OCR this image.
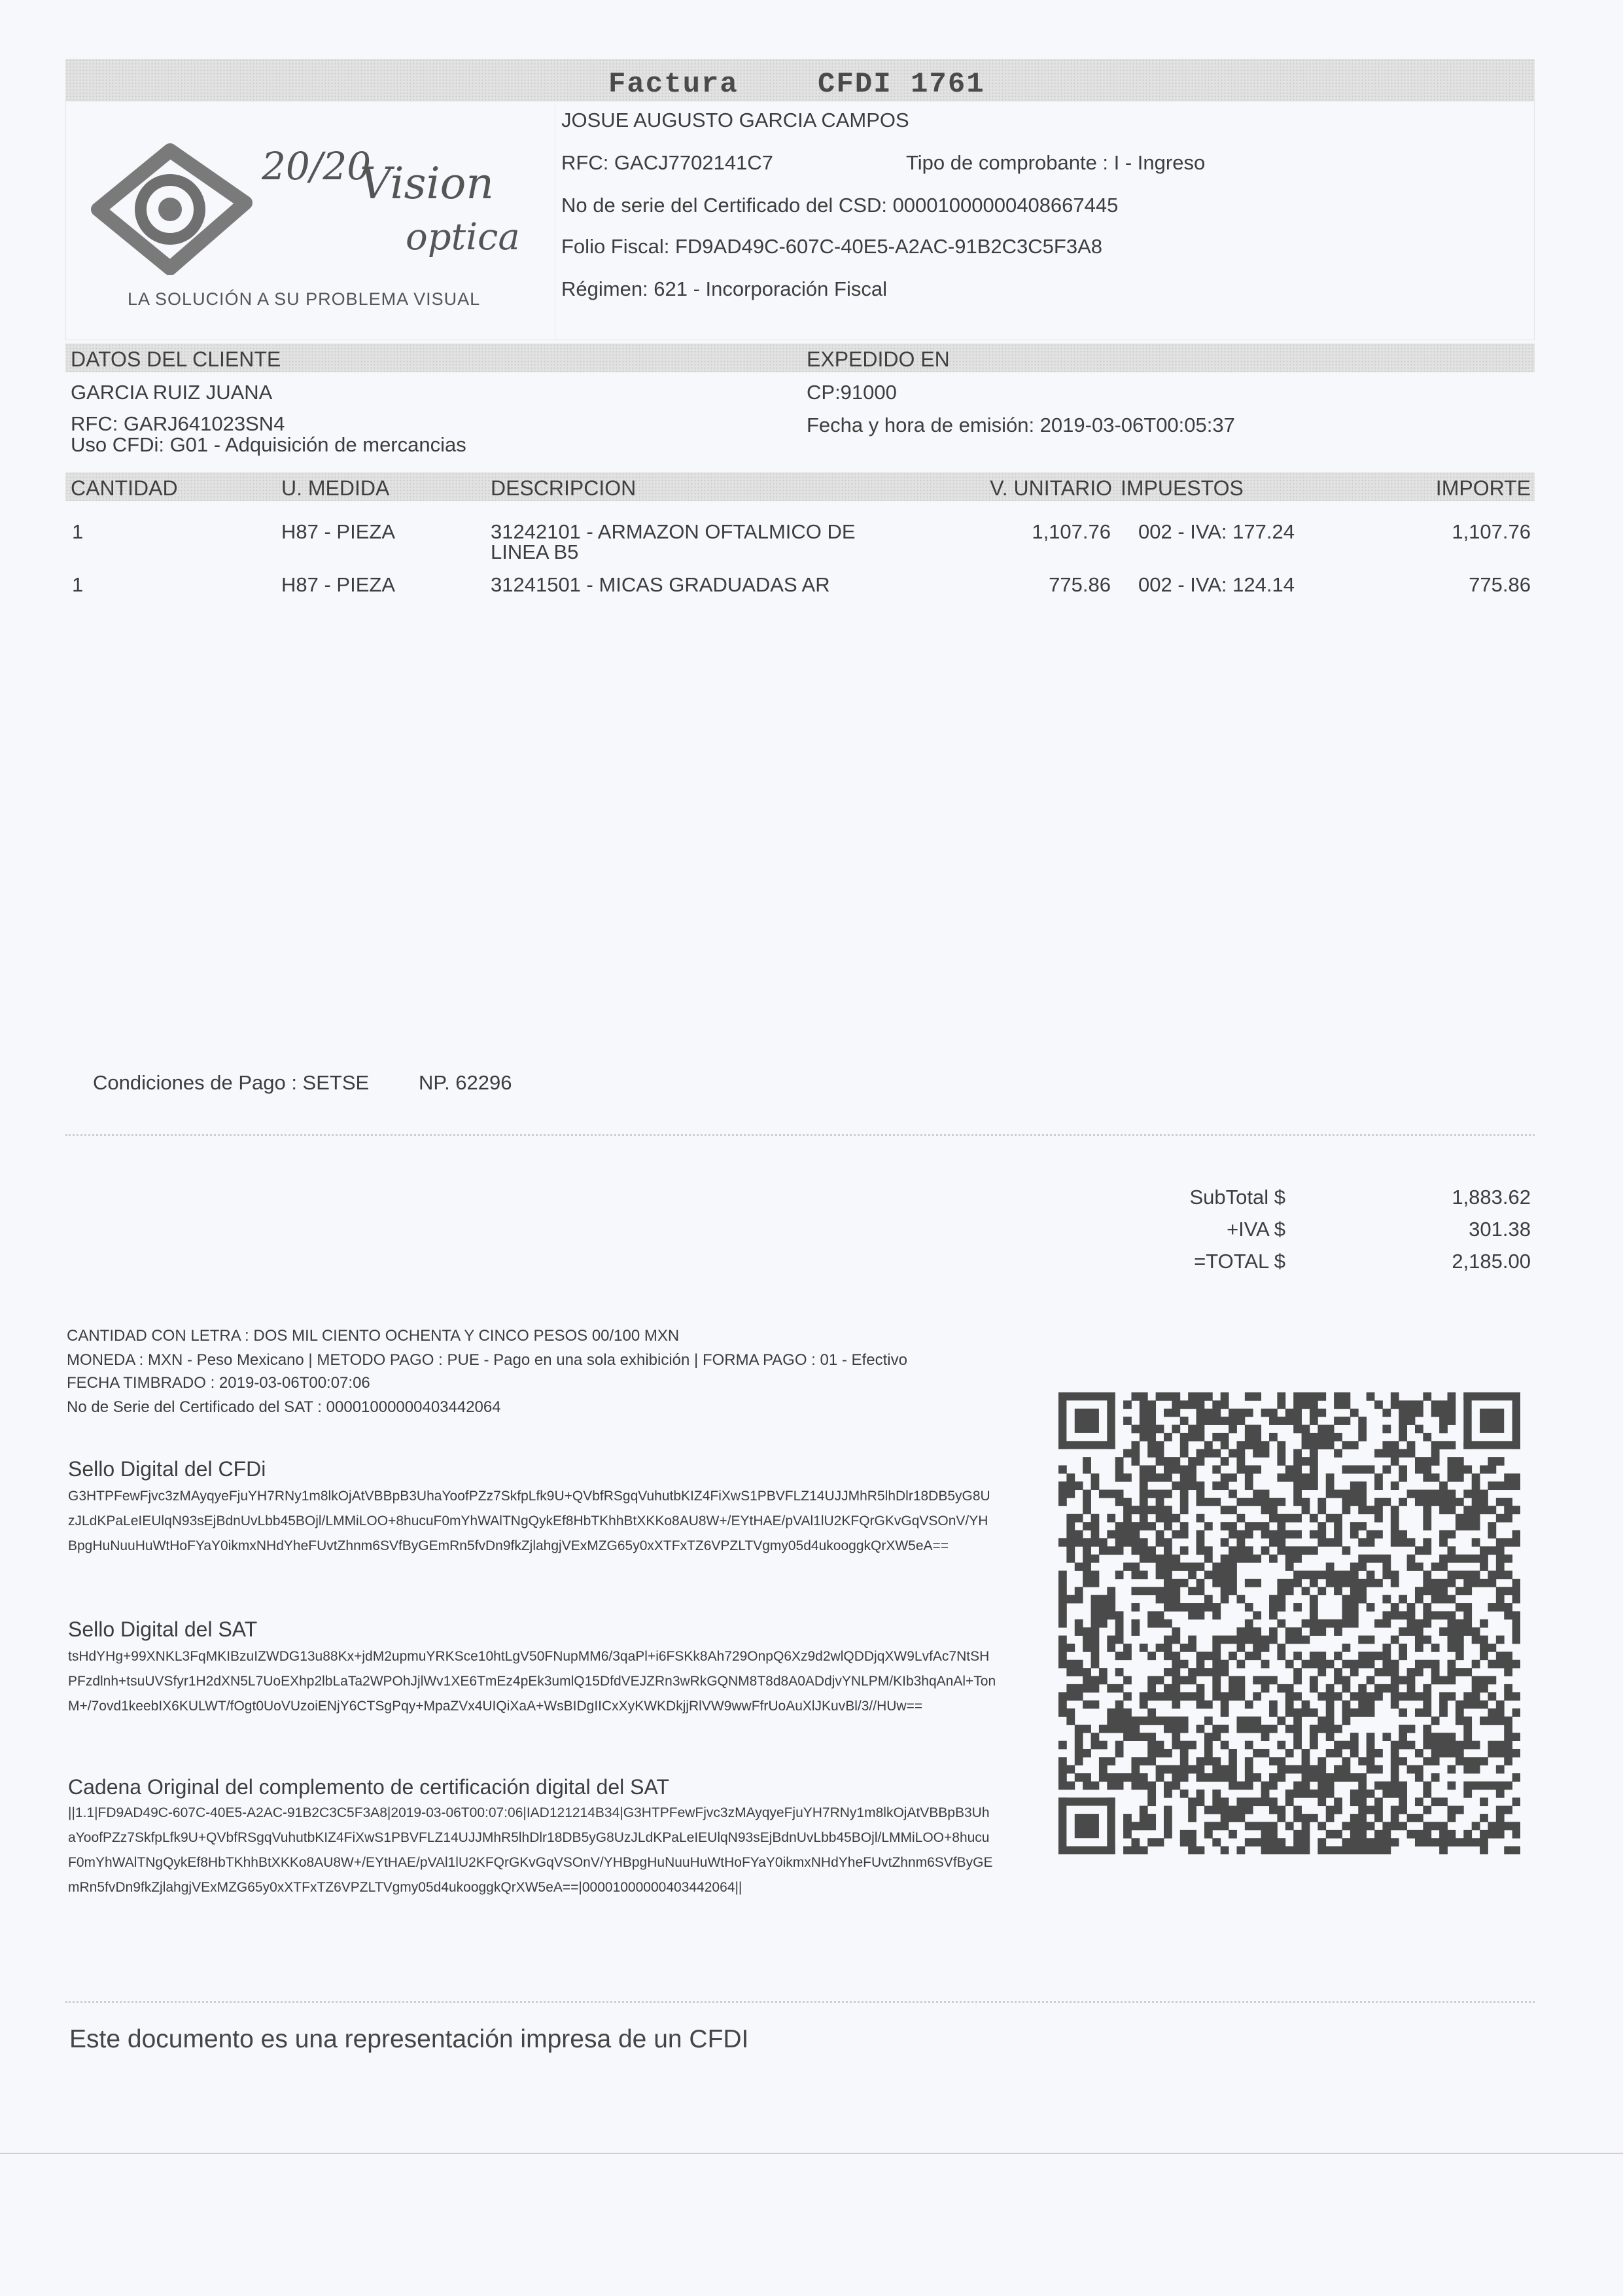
Factura	CFDI 1761
20/20
Vision
optica
LA SOLUCIÓN A SU PROBLEMA VISUAL
JOSUE AUGUSTO GARCIA CAMPOS
RFC: GACJ7702141C7	Tipo de comprobante : I - Ingreso
No de serie del Certificado del CSD: 00001000000408667445
Folio Fiscal: FD9AD49C-607C-40E5-A2AC-91B2C3C5F3A8
Régimen: 621 - Incorporación Fiscal
DATOS DEL CLIENTE	EXPEDIDO EN
GARCIA RUIZ JUANA
RFC: GARJ641023SN4
Uso CFDi: G01 - Adquisición de mercancias
CP:91000
Fecha y hora de emisión: 2019-03-06T00:05:37
CANTIDAD	U. MEDIDA	DESCRIPCION	V. UNITARIO IMPUESTOS	IMPORTE
1	H87 - PIEZA	31242101 - ARMAZON OFTALMICO DE
LINEA B5
1,107.76 002 - IVA: 177.24	1,107.76
1	H87 - PIEZA	31241501 - MICAS GRADUADAS AR	775.86 002 - IVA: 124.14	775.86
Condiciones de Pago : SETSE NP. 62296
SubTotal $	1,883.62
+IVA $	301.38
=TOTAL $	2,185.00
CANTIDAD CON LETRA : DOS MIL CIENTO OCHENTA Y CINCO PESOS 00/100 MXN
MONEDA : MXN - Peso Mexicano | METODO PAGO : PUE - Pago en una sola exhibición | FORMA PAGO : 01 - Efectivo
FECHA TIMBRADO : 2019-03-06T00:07:06
No de Serie del Certificado del SAT : 00001000000403442064
Sello Digital del CFDi
G3HTPFewFjvc3zMAyqyeFjuYH7RNy1m8lkOjAtVBBpB3UhaYoofPZz7SkfpLfk9U+QVbfRSgqVuhutbKIZ4FiXwS1PBVFLZ14UJJMhR5lhDlr18DB5yG8UzJLdKPaLeIEUlqN93sEjBdnUvLbb45BOjl/LMMiLOO+8hucuF0mYhWAlTNgQykEf8HbTKhhBtXKKo8AU8W+/EYtHAE/pVAl1lU2KFQrGKvGqVSOnV/YHBpgHuNuuHuWtHoFYaY0ikmxNHdYheFUvtZhnm6SVfByGEmRn5fvDn9fkZjlahgjVExMZG65y0xXTFxTZ6VPZLTVgmy05d4ukooggkQrXW5eA==
Sello Digital del SAT
tsHdYHg+99XNKL3FqMKIBzuIZWDG13u88Kx+jdM2upmuYRKSce10htLgV50FNupMM6/3qaPl+i6FSKk8Ah729OnpQ6Xz9d2wlQDDjqXW9LvfAc7NtSHPFzdlnh+tsuUVSfyr1H2dXN5L7UoEXhp2lbLaTa2WPOhJjlWv1XE6TmEz4pEk3umlQ15DfdVEJZRn3wRkGQNM8T8d8A0ADdjvYNLPM/KIb3hqAnAl+TonM+/7ovd1keebIX6KULWT/fOgt0UoVUzoiENjY6CTSgPqy+MpaZVx4UIQiXaA+WsBIDgIICxXyKWKDkjjRlVW9wwFfrUoAuXlJKuvBl/3//HUw==
Cadena Original del complemento de certificación digital del SAT
||1.1|FD9AD49C-607C-40E5-A2AC-91B2C3C5F3A8|2019-03-06T00:07:06|IAD121214B34|G3HTPFewFjvc3zMAyqyeFjuYH7RNy1m8lkOjAtVBBpB3UhaYoofPZz7SkfpLfk9U+QVbfRSgqVuhutbKIZ4FiXwS1PBVFLZ14UJJMhR5lhDlr18DB5yG8UzJLdKPaLeIEUlqN93sEjBdnUvLbb45BOjl/LMMiLOO+8hucuF0mYhWAlTNgQykEf8HbTKhhBtXKKo8AU8W+/EYtHAE/pVAl1lU2KFQrGKvGqVSOnV/YHBpgHuNuuHuWtHoFYaY0ikmxNHdYheFUvtZhnm6SVfByGEmRn5fvDn9fkZjlahgjVExMZG65y0xXTFxTZ6VPZLTVgmy05d4ukooggkQrXW5eA==|00001000000403442064||
Este documento es una representación impresa de un CFDI
